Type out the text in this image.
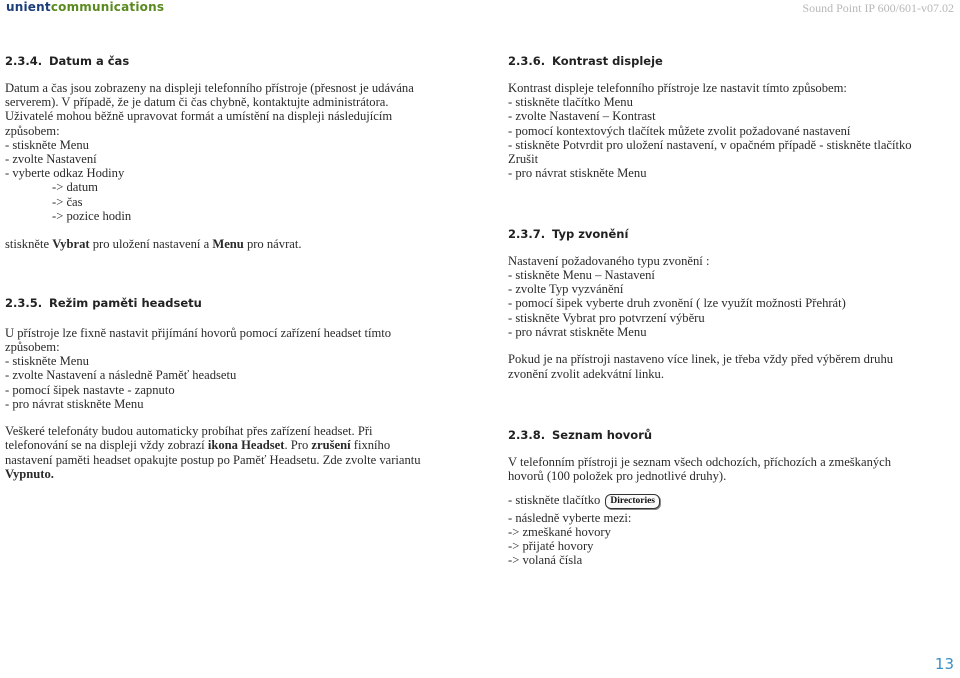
unientcommunications	Sound Point IP 600/601-v07.02
2.3.4. Datum a čas
Datum a čas jsou zobrazeny na displeji telefonního přístroje (přesnost je udávána
serverem). V případě, že je datum či čas chybně, kontaktujte administrátora.
Uživatelé mohou běžně upravovat formát a umístění na displeji následujícím
způsobem:
- stiskněte Menu
- zvolte Nastavení
- vyberte odkaz Hodiny
-> datum
-> čas
-> pozice hodin
stiskněte Vybrat pro uložení nastavení a Menu pro návrat.
2.3.5. Režim paměti headsetu
U přístroje lze fixně nastavit přijímání hovorů pomocí zařízení headset tímto
způsobem:
- stiskněte Menu
- zvolte Nastavení a následně Paměť headsetu
- pomocí šipek nastavte - zapnuto
- pro návrat stiskněte Menu
Veškeré telefonáty budou automaticky probíhat přes zařízení headset. Při
telefonování se na displeji vždy zobrazí ikona Headset. Pro zrušení fixního
nastavení paměti headset opakujte postup po Paměť Headsetu. Zde zvolte variantu
Vypnuto.
2.3.6. Kontrast displeje
Kontrast displeje telefonního přístroje lze nastavit tímto způsobem:
- stiskněte tlačítko Menu
- zvolte Nastavení – Kontrast
- pomocí kontextových tlačítek můžete zvolit požadované nastavení
- stiskněte Potvrdit pro uložení nastavení, v opačném případě - stiskněte tlačítko
Zrušit
- pro návrat stiskněte Menu
2.3.7. Typ zvonění
Nastavení požadovaného typu zvonění :
- stiskněte Menu – Nastavení
- zvolte Typ vyzvánění
- pomocí šipek vyberte druh zvonění ( lze využít možnosti Přehrát)
- stiskněte Vybrat pro potvrzení výběru
- pro návrat stiskněte Menu
Pokud je na přístroji nastaveno více linek, je třeba vždy před výběrem druhu
zvonění zvolit adekvátní linku.
2.3.8. Seznam hovorů
V telefonním přístroji je seznam všech odchozích, příchozích a zmeškaných
hovorů (100 položek pro jednotlivé druhy).
- stiskněte tlačítko Directories
- následně vyberte mezi:
-> zmeškané hovory
-> přijaté hovory
-> volaná čísla
13
